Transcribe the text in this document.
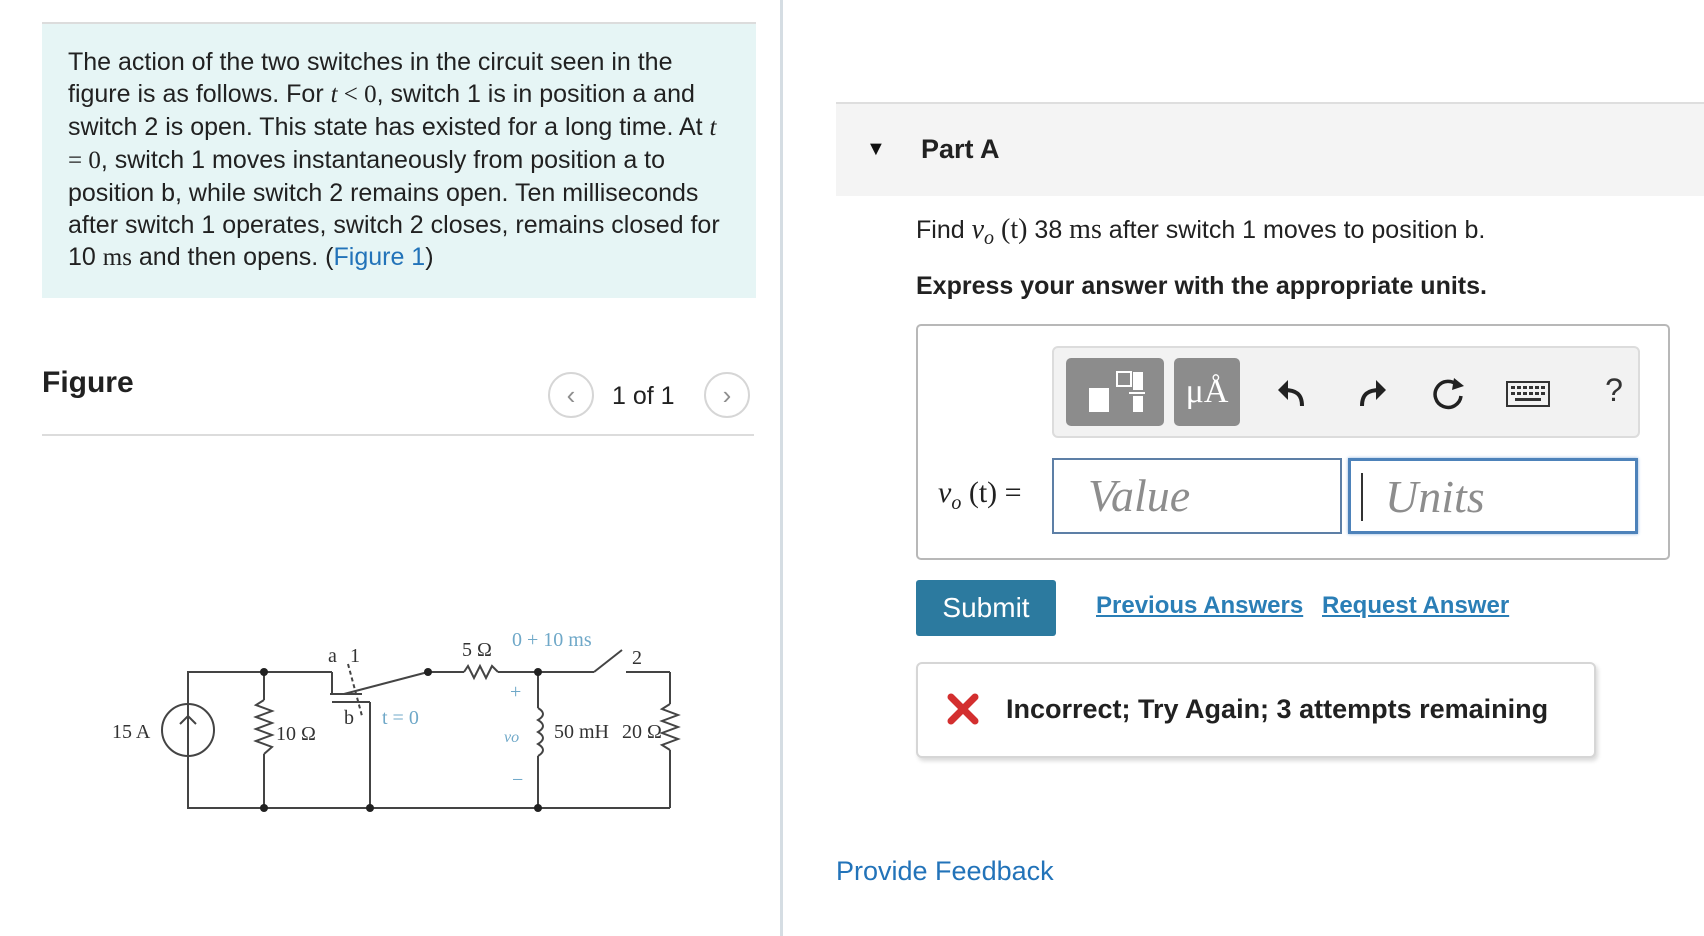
The action of the two switches in the circuit seen in the figure is as follows. For t < 0, switch 1 is in position a and switch 2 is open. This state has existed for a long time. At t = 0, switch 1 moves instantaneously from position a to position b, while switch 2 remains open. Ten milliseconds after switch 1 operates, switch 2 closes, remains closed for 10 ms and then opens. (Figure 1)

Figure	‹ 1 of 1 ›
15 A	10 Ω
a 1
b t = 0
5 Ω 0 + 10 ms
2
+
vo
−
50 mH 20 Ω
▼ Part A
Find $v_o$ (t) 38 ms after switch 1 moves to position b.
Express your answer with the appropriate units.
μÅ	?
$v_o$ (t) =	Value	Units
Submit	Previous Answers Request Answer
Incorrect; Try Again; 3 attempts remaining
Provide Feedback
